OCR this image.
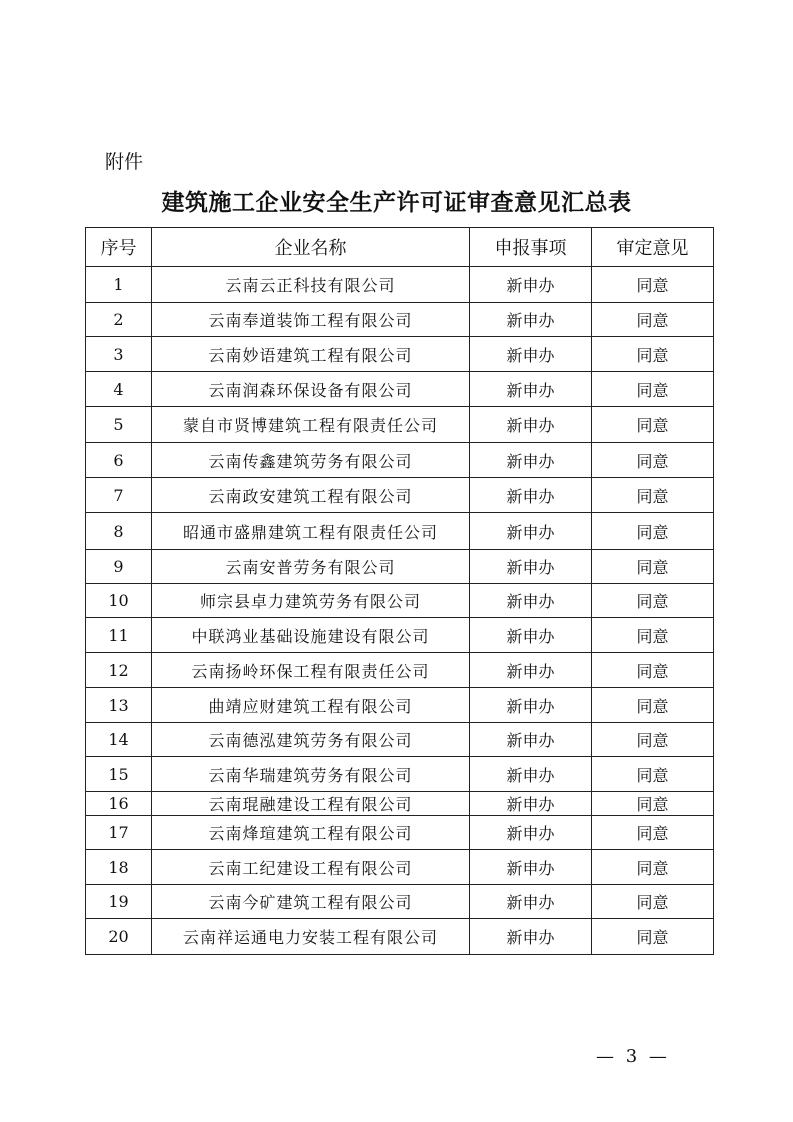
附件
建筑施工企业安全生产许可证审查意见汇总表
序号	企业名称	申报事项	审定意见
1	云南云正科技有限公司	新申办	同意
2	云南奉道装饰工程有限公司	新申办	同意
3	云南妙语建筑工程有限公司	新申办	同意
4	云南润森环保设备有限公司	新申办	同意
5	蒙自市贤博建筑工程有限责任公司	新申办	同意
6	云南传鑫建筑劳务有限公司	新申办	同意
7	云南政安建筑工程有限公司	新申办	同意
8	昭通市盛鼎建筑工程有限责任公司	新申办	同意
9	云南安普劳务有限公司	新申办	同意
10	师宗县卓力建筑劳务有限公司	新申办	同意
11	中联鸿业基础设施建设有限公司	新申办	同意
12	云南扬岭环保工程有限责任公司	新申办	同意
13	曲靖应财建筑工程有限公司	新申办	同意
14	云南德泓建筑劳务有限公司	新申办	同意
15	云南华瑞建筑劳务有限公司	新申办	同意
16	云南琨融建设工程有限公司	新申办	同意
17	云南烽瑄建筑工程有限公司	新申办	同意
18	云南工纪建设工程有限公司	新申办	同意
19	云南今矿建筑工程有限公司	新申办	同意
20	云南祥运通电力安装工程有限公司	新申办	同意
— 3 —
